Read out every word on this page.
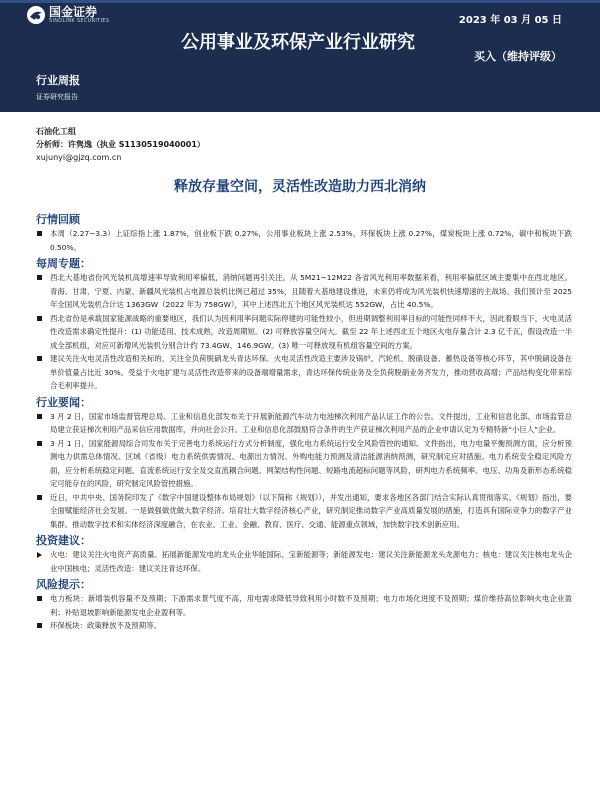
国金证券
SINOLINK SECURITIES	2023 年 03 月 05 日
公用事业及环保产业行业研究
买入（维持评级）
行业周报
证券研究报告
石油化工组
分析师：许隽逸（执业 S1130519040001）
xujunyi@gjzq.com.cn
释放存量空间，灵活性改造助力西北消纳
行情回顾
本周（2.27~3.3）上证综指上涨 1.87%，创业板下跌 0.27%，公用事业板块上涨 2.53%，环保板块上涨 0.27%，煤炭板块上涨 0.72%，碳中和板块下跌 0.50%。
每周专题：
西北大基地省份风光装机高增速率导致利用率偏低，消纳问题再引关注。从 5M21~12M22 各省风光利用率数据来看，利用率偏低区域主要集中在西北地区。青海、甘肃、宁夏、内蒙、新疆风光装机占电源总装机比例已超过 35%，且随着大基地建设推进，未来仍将成为风光装机快速增速的主战场。我们预计至 2025 年全国风光装机合计达 1363GW（2022 年为 758GW），其中上述西北五个地区风光装机达 552GW，占比 40.5%。
西北省份是承载国家能源战略的重要地区，我们认为因利用率问题实际停建的可能性较小，但进期调整利用率目标的可能性同样不大，因此着眼当下，火电灵活性改造需求确定性提升：(1) 功能适用、技术成熟，改造周期短。(2) 可释放容量空间大。截至 22 年上述西北五个地区火电存量合计 2.3 亿千瓦，假设改造一半成全部机组，对应可新增风光装机分别合计约 73.4GW、146.9GW。(3) 唯一可释放现有机组容量空间的方案。
建议关注火电灵活性改造相关标的，关注全负荷脱硝龙头青达环保。火电灵活性改造主要涉及锅炉、汽轮机、脱硝设备、蓄热设备等核心环节，其中脱硝设备在单价值量占比近 30%。受益于火电扩建与灵活性改造带来的设备端增量需求，青达环保传统业务及全负荷脱硝业务齐发力，推动营收高增；产品结构变化带来综合毛利率提升。
行业要闻：
3 月 2 日，国家市场监督管理总局、工业和信息化部发布关于开展新能源汽车动力电池梯次利用产品认证工作的公告。文件提出，工业和信息化部、市场监管总局建立获证梯次利用产品采信应用数据库，并向社会公开。工业和信息化部鼓励符合条件的生产获证梯次利用产品的企业申请认定为专精特新“小巨人”企业。
3 月 1 日，国家能源局综合司发布关于完善电力系统运行方式分析制度，强化电力系统运行安全风险管控的通知。文件指出，电力电量平衡预测方面，应分析预测电力供需总体情况、区域（省级）电力系统供需情况、电源出力情况、外购电能力预测及清洁能源消纳预测，研究制定应对措施。电力系统安全稳定风险方面，应分析系统稳定问题、直流系统运行安全及交直流耦合问题、网架结构性问题、短路电流超标问题等风险，研判电力系统频率、电压、功角及新形态系统稳定可能存在的风险，研究制定风险管控措施。
近日，中共中央、国务院印发了《数字中国建设整体布局规划》（以下简称《规划》），并发出通知，要求各地区各部门结合实际认真贯彻落实。《规划》指出，要全面赋能经济社会发展。一是做强做优做大数字经济。培育壮大数字经济核心产业，研究制定推动数字产业高质量发展的措施，打造具有国际竞争力的数字产业集群。推动数字技术和实体经济深度融合，在农业、工业、金融、教育、医疗、交通、能源重点领域，加快数字技术创新应用。
投资建议：
火电：建议关注火电资产高质量、拓展新能源发电的龙头企业华能国际、宝新能源等；新能源发电：建议关注新能源龙头龙源电力；核电：建议关注核电龙头企业中国核电；灵活性改造：建议关注青达环保。
风险提示：
电力板块：新增装机容量不及预期；下游需求景气度不高，用电需求降低导致利用小时数不及预期；电力市场化进度不及预期；煤价维持高位影响火电企业盈利；补贴退坡影响新能源发电企业盈利等。
环保板块：政策释放不及预期等。
